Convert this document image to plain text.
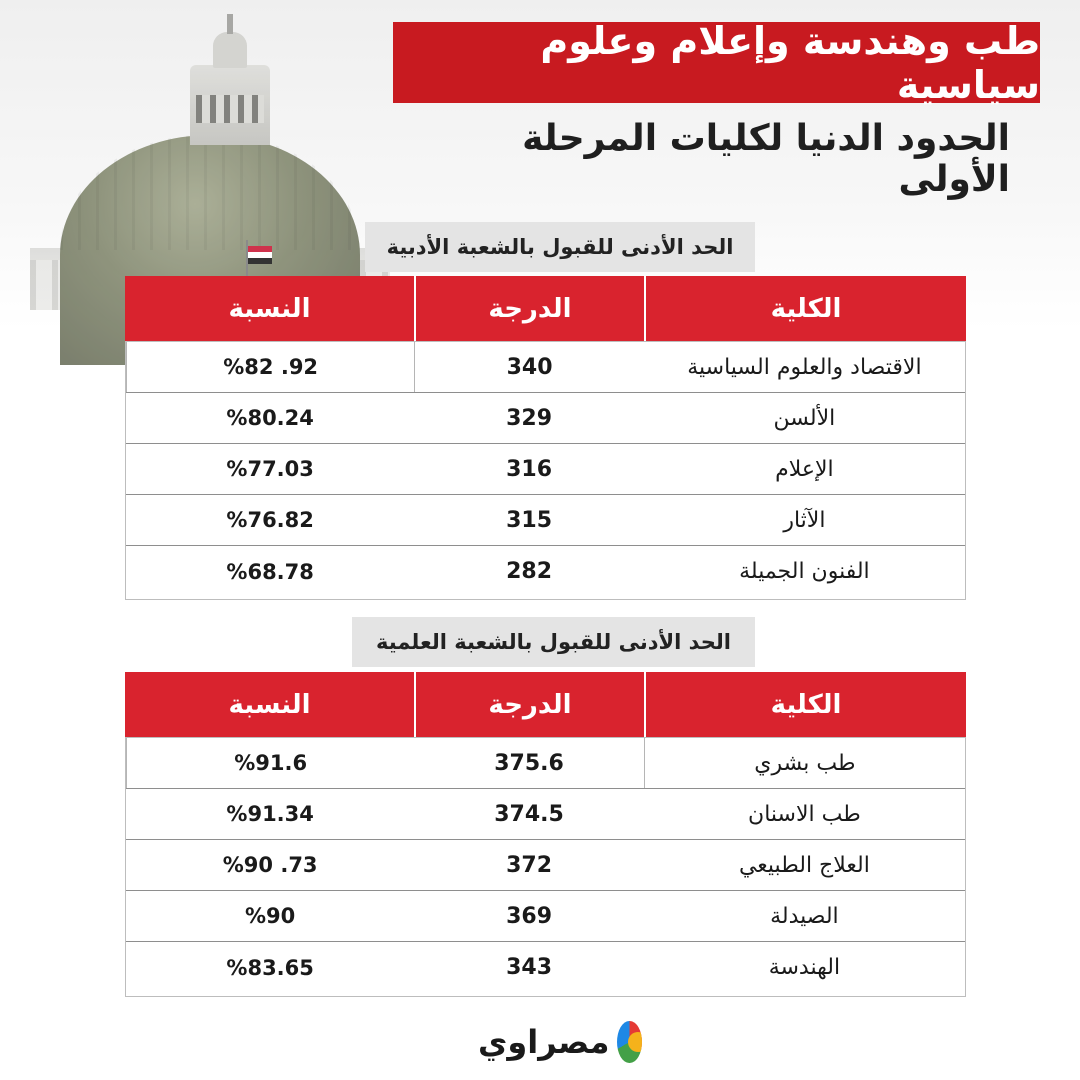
طب وهندسة وإعلام وعلوم سياسية
الحدود الدنيا لكليات المرحلة الأولى
الحد الأدنى للقبول بالشعبة الأدبية
الكلية
الدرجة
النسبة
الاقتصاد والعلوم السياسية
340
%82 .92
الألسن
329
%80.24
الإعلام
316
%77.03
الآثار
315
%76.82
الفنون الجميلة
282
%68.78
الحد الأدنى للقبول بالشعبة العلمية
الكلية
الدرجة
النسبة
طب بشري
375.6
%91.6
طب الاسنان
374.5
%91.34
العلاج الطبيعي
372
%90 .73
الصيدلة
369
%90
الهندسة
343
%83.65
مصراوي
